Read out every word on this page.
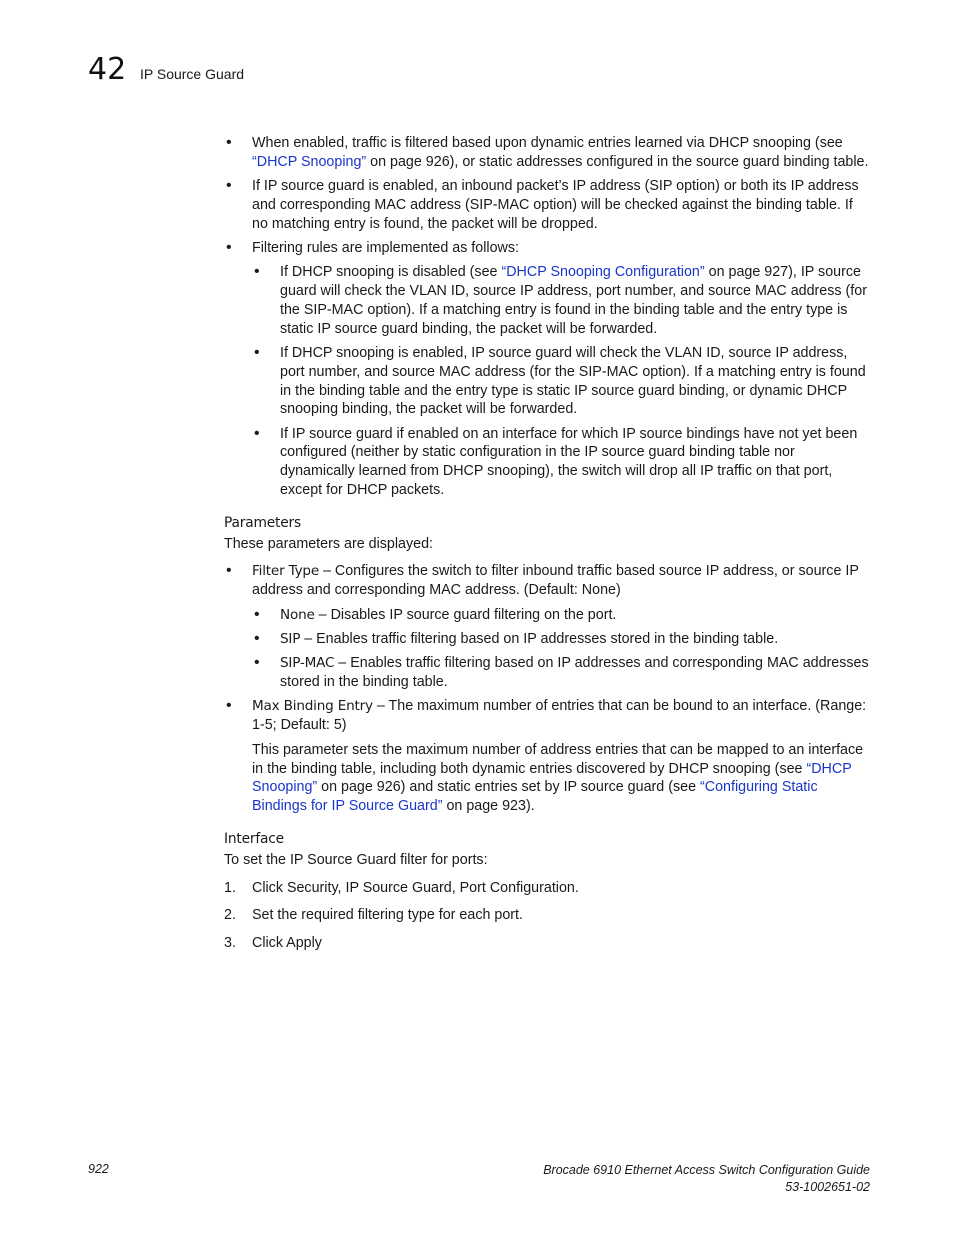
42 IP Source Guard
• When enabled, traffic is filtered based upon dynamic entries learned via DHCP snooping (see “DHCP Snooping” on page 926), or static addresses configured in the source guard binding table.
• If IP source guard is enabled, an inbound packet’s IP address (SIP option) or both its IP address and corresponding MAC address (SIP-MAC option) will be checked against the binding table. If no matching entry is found, the packet will be dropped.
• Filtering rules are implemented as follows:
• If DHCP snooping is disabled (see “DHCP Snooping Configuration” on page 927), IP source guard will check the VLAN ID, source IP address, port number, and source MAC address (for the SIP-MAC option). If a matching entry is found in the binding table and the entry type is static IP source guard binding, the packet will be forwarded.
• If DHCP snooping is enabled, IP source guard will check the VLAN ID, source IP address, port number, and source MAC address (for the SIP-MAC option). If a matching entry is found in the binding table and the entry type is static IP source guard binding, or dynamic DHCP snooping binding, the packet will be forwarded.
• If IP source guard if enabled on an interface for which IP source bindings have not yet been configured (neither by static configuration in the IP source guard binding table nor dynamically learned from DHCP snooping), the switch will drop all IP traffic on that port, except for DHCP packets.
Parameters
These parameters are displayed:
• Filter Type – Configures the switch to filter inbound traffic based source IP address, or source IP address and corresponding MAC address. (Default: None)
• None – Disables IP source guard filtering on the port.
• SIP – Enables traffic filtering based on IP addresses stored in the binding table.
• SIP-MAC – Enables traffic filtering based on IP addresses and corresponding MAC addresses stored in the binding table.
• Max Binding Entry – The maximum number of entries that can be bound to an interface. (Range: 1-5; Default: 5)
This parameter sets the maximum number of address entries that can be mapped to an interface in the binding table, including both dynamic entries discovered by DHCP snooping (see “DHCP Snooping” on page 926) and static entries set by IP source guard (see “Configuring Static Bindings for IP Source Guard” on page 923).
Interface
To set the IP Source Guard filter for ports:
1. Click Security, IP Source Guard, Port Configuration.
2. Set the required filtering type for each port.
3. Click Apply
922	Brocade 6910 Ethernet Access Switch Configuration Guide
53-1002651-02
